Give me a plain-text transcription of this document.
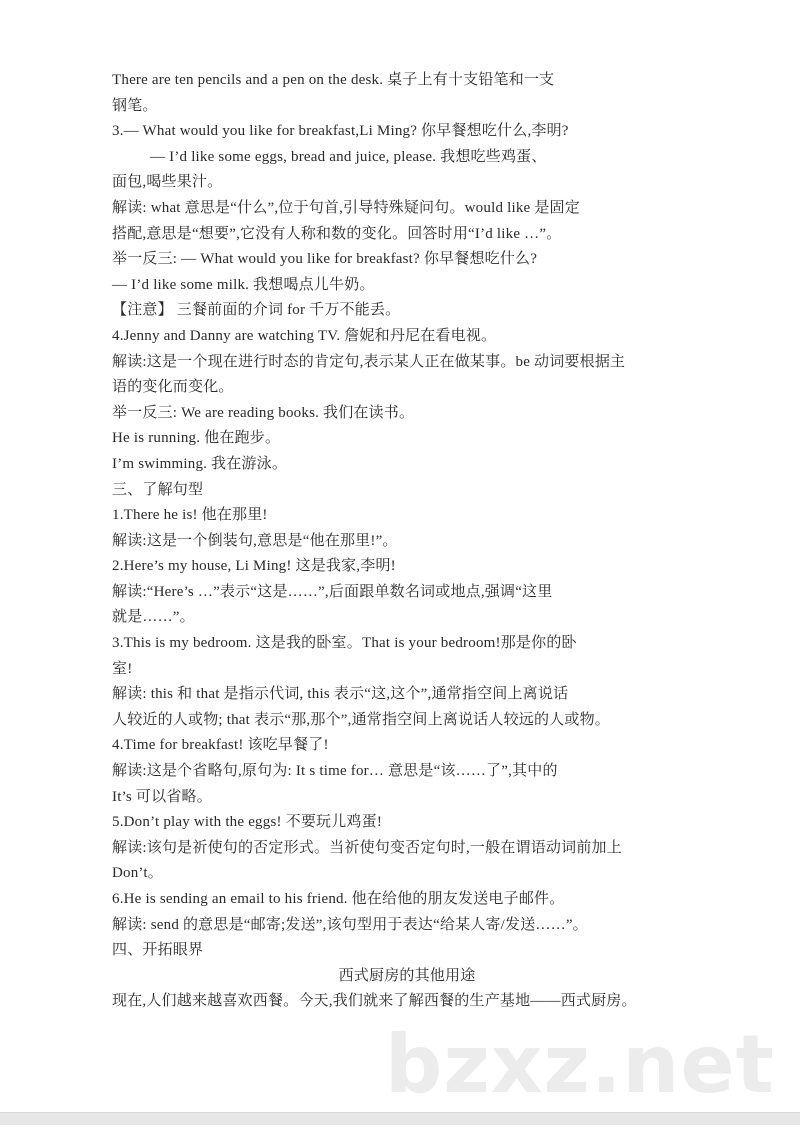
bzxz.net
There are ten pencils and a pen on the desk. 桌子上有十支铅笔和一支
钢笔。
3.— What would you like for breakfast,Li Ming? 你早餐想吃什么,李明?
— I’d like some eggs, bread and juice, please. 我想吃些鸡蛋、
面包,喝些果汁。
解读: what 意思是“什么”,位于句首,引导特殊疑问句。would like 是固定
搭配,意思是“想要”,它没有人称和数的变化。回答时用“I’d like …”。
举一反三: — What would you like for breakfast? 你早餐想吃什么?
— I’d like some milk. 我想喝点儿牛奶。
【注意】 三餐前面的介词 for 千万不能丢。
4.Jenny and Danny are watching TV. 詹妮和丹尼在看电视。
解读:这是一个现在进行时态的肯定句,表示某人正在做某事。be 动词要根据主
语的变化而变化。
举一反三: We are reading books. 我们在读书。
He is running. 他在跑步。
I’m swimming. 我在游泳。
三、了解句型
1.There he is! 他在那里!
解读:这是一个倒装句,意思是“他在那里!”。
2.Here’s my house, Li Ming! 这是我家,李明!
解读:“Here’s …”表示“这是……”,后面跟单数名词或地点,强调“这里
就是……”。
3.This is my bedroom. 这是我的卧室。That is your bedroom!那是你的卧
室!
解读: this 和 that 是指示代词, this 表示“这,这个”,通常指空间上离说话
人较近的人或物; that 表示“那,那个”,通常指空间上离说话人较远的人或物。
4.Time for breakfast! 该吃早餐了!
解读:这是个省略句,原句为: It s time for… 意思是“该……了”,其中的
It’s 可以省略。
5.Don’t play with the eggs! 不要玩儿鸡蛋!
解读:该句是祈使句的否定形式。当祈使句变否定句时,一般在谓语动词前加上
Don’t。
6.He is sending an email to his friend. 他在给他的朋友发送电子邮件。
解读: send 的意思是“邮寄;发送”,该句型用于表达“给某人寄/发送……”。
四、开拓眼界
西式厨房的其他用途
现在,人们越来越喜欢西餐。今天,我们就来了解西餐的生产基地——西式厨房。
